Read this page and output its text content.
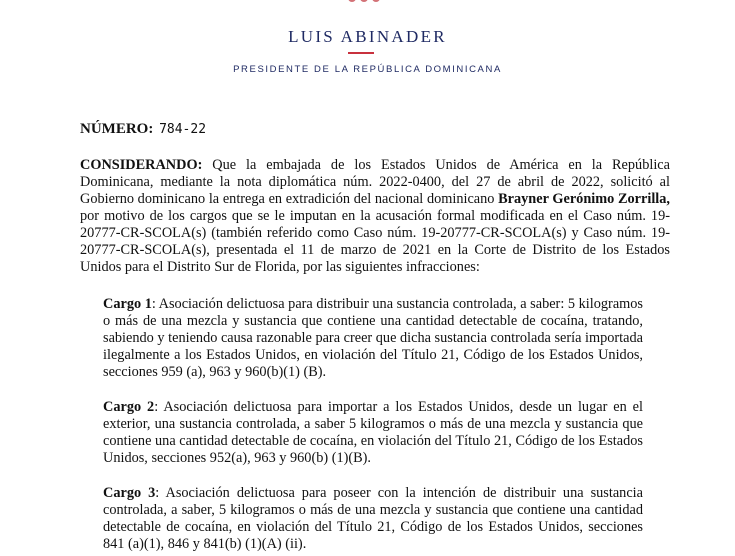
LUIS ABINADER
PRESIDENTE DE LA REPÚBLICA DOMINICANA
NÚMERO: 784-22

CONSIDERANDO: Que la embajada de los Estados Unidos de América en la República Dominicana, mediante la nota diplomática núm. 2022-0400, del 27 de abril de 2022, solicitó al Gobierno dominicano la entrega en extradición del nacional dominicano Brayner Gerónimo Zorrilla, por motivo de los cargos que se le imputan en la acusación formal modificada en el Caso núm. 19-20777-CR-SCOLA(s) (también referido como Caso núm. 19-20777-CR-SCOLA(s) y Caso núm. 19-20777-CR-SCOLA(s), presentada el 11 de marzo de 2021 en la Corte de Distrito de los Estados Unidos para el Distrito Sur de Florida, por las siguientes infracciones:

Cargo 1: Asociación delictuosa para distribuir una sustancia controlada, a saber: 5 kilogramos o más de una mezcla y sustancia que contiene una cantidad detectable de cocaína, tratando, sabiendo y teniendo causa razonable para creer que dicha sustancia controlada sería importada ilegalmente a los Estados Unidos, en violación del Título 21, Código de los Estados Unidos, secciones 959 (a), 963 y 960(b)(1) (B).

Cargo 2: Asociación delictuosa para importar a los Estados Unidos, desde un lugar en el exterior, una sustancia controlada, a saber 5 kilogramos o más de una mezcla y sustancia que contiene una cantidad detectable de cocaína, en violación del Título 21, Código de los Estados Unidos, secciones 952(a), 963 y 960(b) (1)(B).

Cargo 3: Asociación delictuosa para poseer con la intención de distribuir una sustancia controlada, a saber, 5 kilogramos o más de una mezcla y sustancia que contiene una cantidad detectable de cocaína, en violación del Título 21, Código de los Estados Unidos, secciones 841 (a)(1), 846 y 841(b) (1)(A) (ii).
